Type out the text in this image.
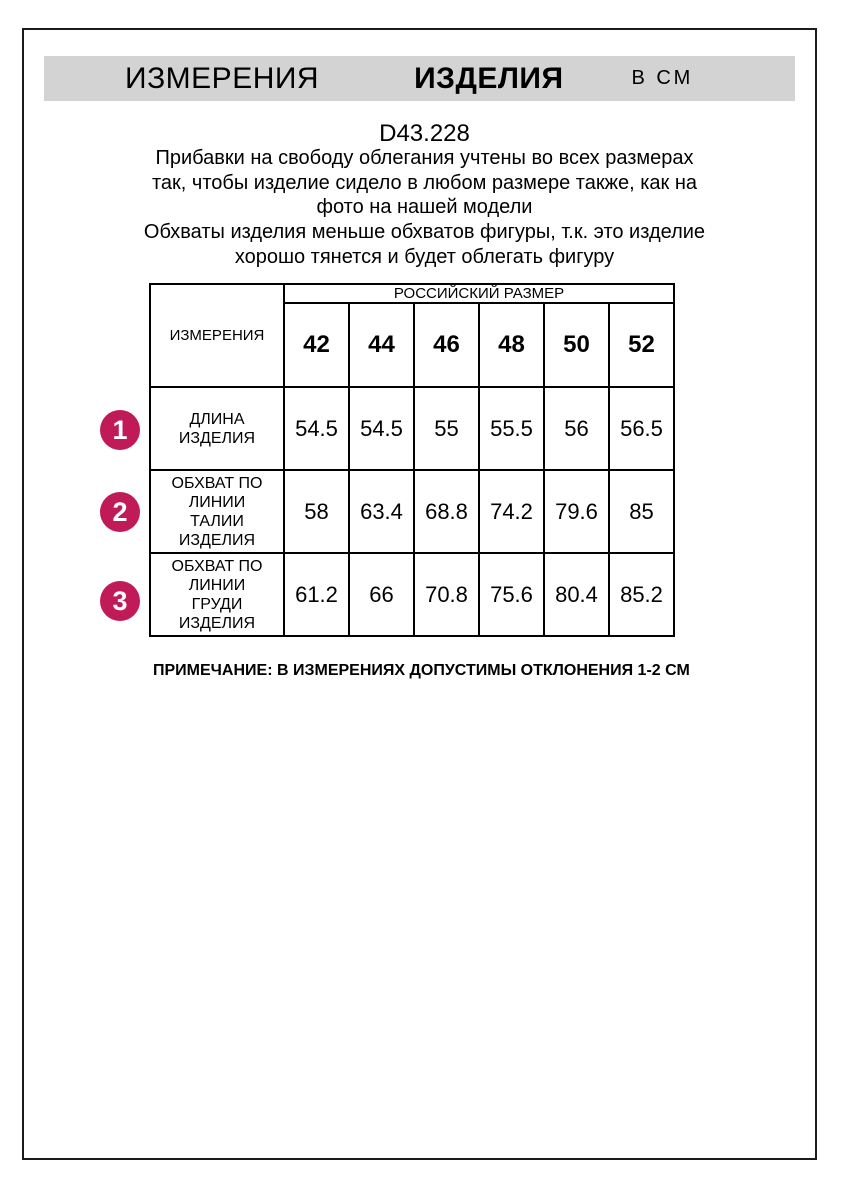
ИЗМЕРЕНИЯ	ИЗДЕЛИЯ	В СМ
D43.228
Прибавки на свободу облегания учтены во всех размерах
так, чтобы изделие сидело в любом размере также, как на
фото на нашей модели
Обхваты изделия меньше обхватов фигуры, т.к. это изделие
хорошо тянется и будет облегать фигуру
ИЗМЕРЕНИЯ	РОССИЙСКИЙ РАЗМЕР					
	42	44	46	48	50	52
ДЛИНА ИЗДЕЛИЯ	54.5	54.5	55	55.5	56	56.5
ОБХВАТ ПО ЛИНИИ ТАЛИИ ИЗДЕЛИЯ	58	63.4	68.8	74.2	79.6	85
ОБХВАТ ПО ЛИНИИ ГРУДИ ИЗДЕЛИЯ	61.2	66	70.8	75.6	80.4	85.2
1
2
3
ПРИМЕЧАНИЕ: В ИЗМЕРЕНИЯХ ДОПУСТИМЫ ОТКЛОНЕНИЯ 1-2 СМ
